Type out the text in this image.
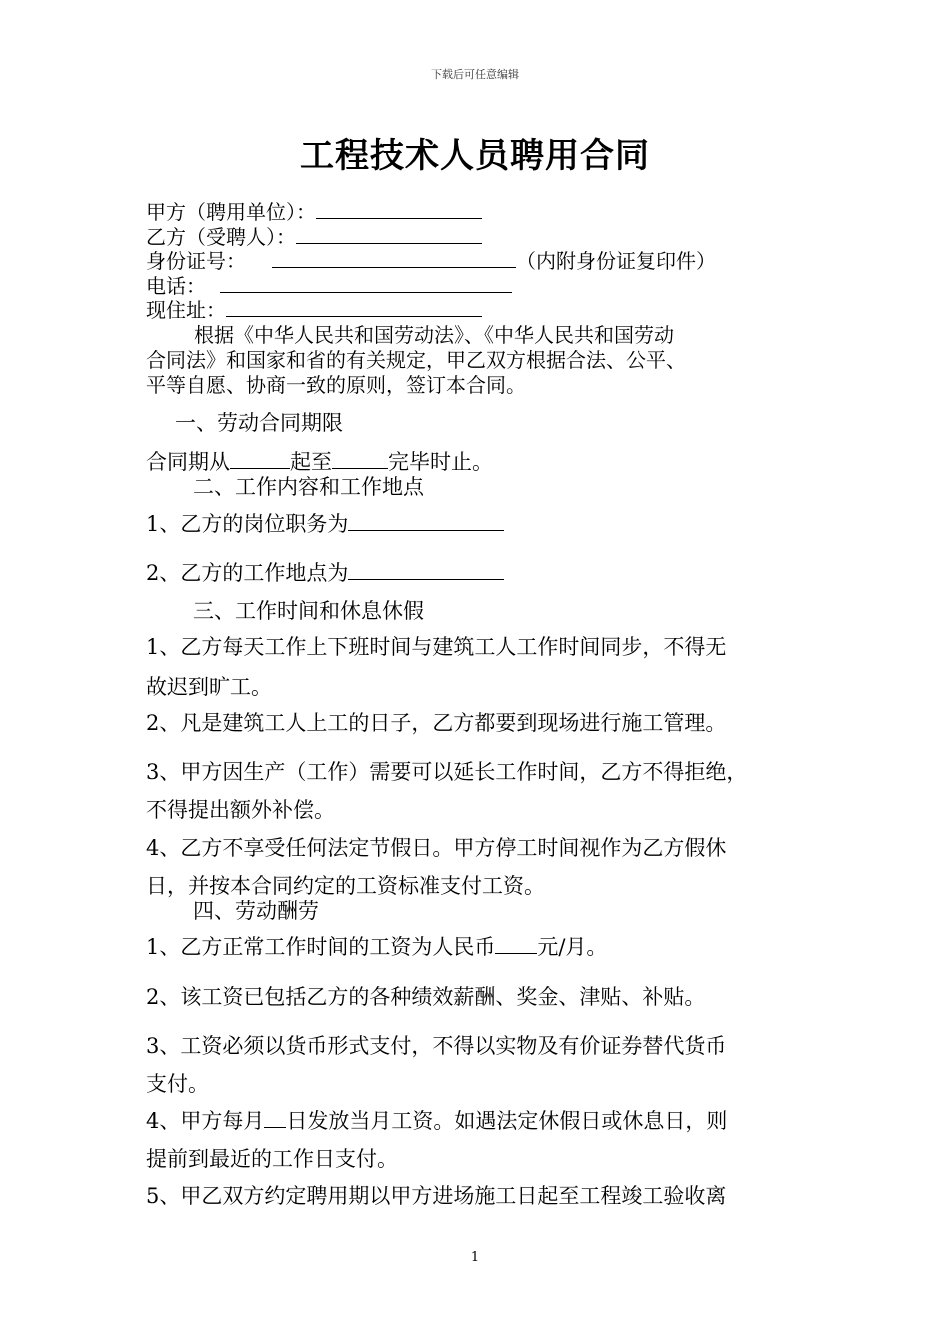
下载后可任意编辑
工程技术人员聘用合同
甲方（聘用单位）：
乙方（受聘人）：
身份证号：	（内附身份证复印件）
电话：
现住址：
根据《中华人民共和国劳动法》、《中华人民共和国劳动
合同法》和国家和省的有关规定，甲乙双方根据合法、公平、
平等自愿、协商一致的原则，签订本合同。
一、劳动合同期限
合同期从	起至	完毕时止。
二、工作内容和工作地点
1、乙方的岗位职务为
2、乙方的工作地点为
三、工作时间和休息休假
1、乙方每天工作上下班时间与建筑工人工作时间同步，不得无
故迟到旷工。
2、凡是建筑工人上工的日子，乙方都要到现场进行施工管理。
3、甲方因生产（工作）需要可以延长工作时间，乙方不得拒绝，
不得提出额外补偿。
4、乙方不享受任何法定节假日。甲方停工时间视作为乙方假休
日，并按本合同约定的工资标准支付工资。
四、劳动酬劳
1、乙方正常工作时间的工资为人民币 元/月。
2、该工资已包括乙方的各种绩效薪酬、奖金、津贴、补贴。
3、工资必须以货币形式支付，不得以实物及有价证券替代货币
支付。
4、甲方每月 日发放当月工资。如遇法定休假日或休息日，则
提前到最近的工作日支付。
5、甲乙双方约定聘用期以甲方进场施工日起至工程竣工验收离
1
